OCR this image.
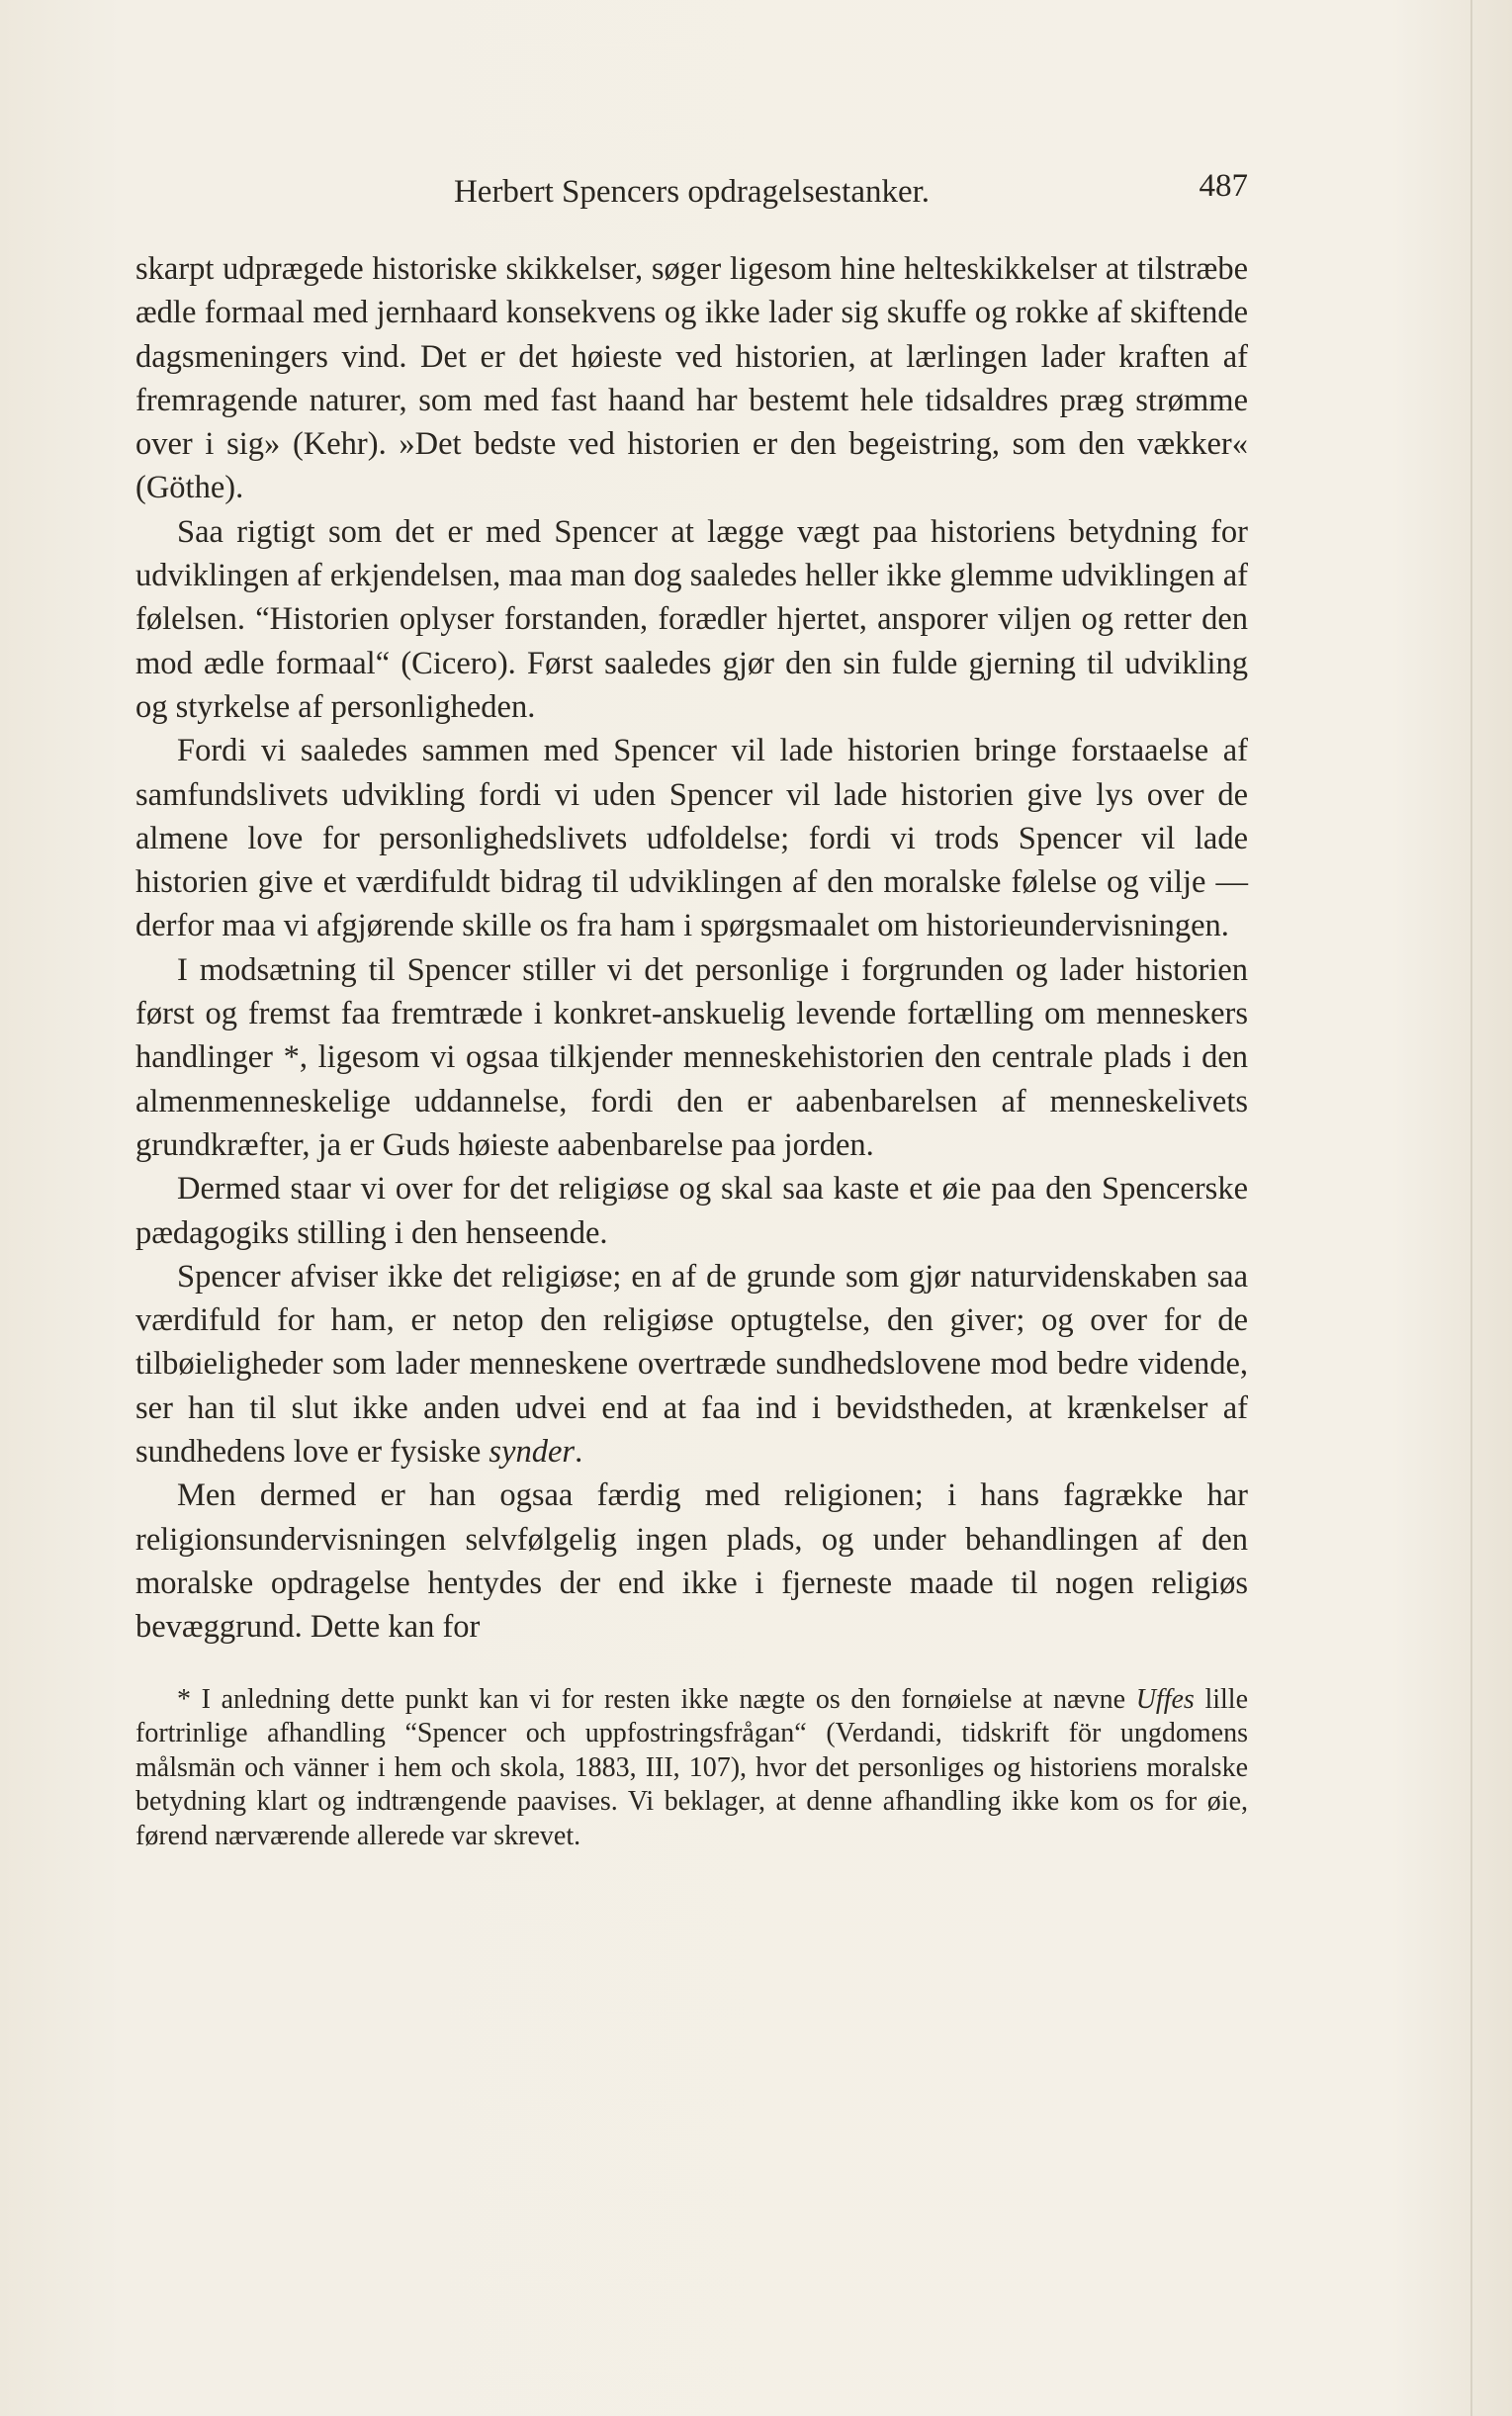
Herbert Spencers opdragelsestanker.	487

skarpt udprægede historiske skikkelser, søger ligesom hine helteskikkelser at tilstræbe ædle formaal med jernhaard konsekvens og ikke lader sig skuffe og rokke af skiftende dagsmeningers vind. Det er det høieste ved historien, at lærlingen lader kraften af fremragende naturer, som med fast haand har bestemt hele tidsaldres præg strømme over i sig» (Kehr). »Det bedste ved historien er den begeistring, som den vækker« (Göthe).

Saa rigtigt som det er med Spencer at lægge vægt paa historiens betydning for udviklingen af erkjendelsen, maa man dog saaledes heller ikke glemme udviklingen af følelsen. “Historien oplyser forstanden, forædler hjertet, ansporer viljen og retter den mod ædle formaal“ (Cicero). Først saaledes gjør den sin fulde gjerning til udvikling og styrkelse af personligheden.

Fordi vi saaledes sammen med Spencer vil lade historien bringe forstaaelse af samfundslivets udvikling fordi vi uden Spencer vil lade historien give lys over de almene love for personlighedslivets udfoldelse; fordi vi trods Spencer vil lade historien give et værdifuldt bidrag til udviklingen af den moralske følelse og vilje — derfor maa vi afgjørende skille os fra ham i spørgsmaalet om historieundervisningen.

I modsætning til Spencer stiller vi det personlige i forgrunden og lader historien først og fremst faa fremtræde i konkret-anskuelig levende fortælling om menneskers handlinger *, ligesom vi ogsaa tilkjender menneskehistorien den centrale plads i den almenmenneskelige uddannelse, fordi den er aabenbarelsen af menneskelivets grundkræfter, ja er Guds høieste aabenbarelse paa jorden.

Dermed staar vi over for det religiøse og skal saa kaste et øie paa den Spencerske pædagogiks stilling i den henseende.

Spencer afviser ikke det religiøse; en af de grunde som gjør naturvidenskaben saa værdifuld for ham, er netop den religiøse optugtelse, den giver; og over for de tilbøieligheder som lader menneskene overtræde sundhedslovene mod bedre vidende, ser han til slut ikke anden udvei end at faa ind i bevidstheden, at krænkelser af sundhedens love er fysiske synder.

Men dermed er han ogsaa færdig med religionen; i hans fagrække har religionsundervisningen selvfølgelig ingen plads, og under behandlingen af den moralske opdragelse hentydes der end ikke i fjerneste maade til nogen religiøs bevæggrund. Dette kan for

* I anledning dette punkt kan vi for resten ikke nægte os den fornøielse at nævne Uffes lille fortrinlige afhandling “Spencer och uppfostringsfrågan“ (Verdandi, tidskrift för ungdomens målsmän och vänner i hem och skola, 1883, III, 107), hvor det personliges og historiens moralske betydning klart og indtrængende paavises. Vi beklager, at denne afhandling ikke kom os for øie, førend nærværende allerede var skrevet.
